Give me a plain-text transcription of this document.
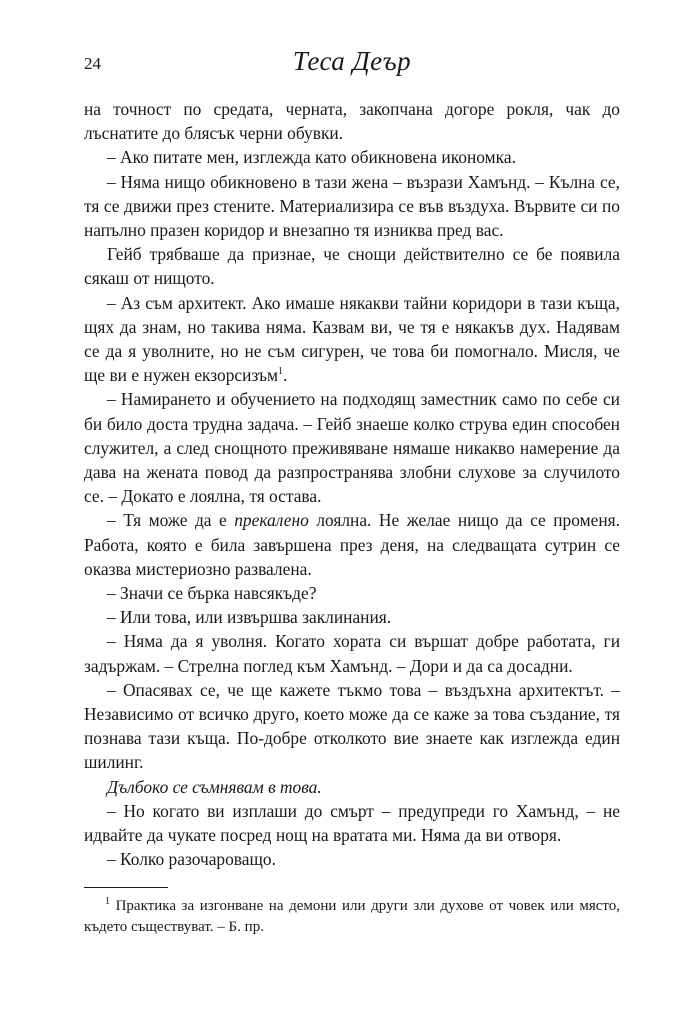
24	Теса Деър

на точност по средата, черната, закопчана догоре рокля, чак до лъснатите до блясък черни обувки.

– Ако питате мен, изглежда като обикновена икономка.

– Няма нищо обикновено в тази жена – възрази Хамънд. – Кълна се, тя се движи през стените. Материализира се във въздуха. Вървите си по напълно празен коридор и внезапно тя изниква пред вас.

Гейб трябваше да признае, че снощи действително се бе появила сякаш от нищото.

– Аз съм архитект. Ако имаше някакви тайни коридори в тази къща, щях да знам, но такива няма. Казвам ви, че тя е някакъв дух. Надявам се да я уволните, но не съм сигурен, че това би помогнало. Мисля, че ще ви е нужен екзорсизъм$^1$.

– Намирането и обучението на подходящ заместник само по себе си би било доста трудна задача. – Гейб знаеше колко струва един способен служител, а след снощното преживяване нямаше никакво намерение да дава на жената повод да разпространява злобни слухове за случилото се. – Докато е лоялна, тя остава.

– Тя може да е прекалено лоялна. Не желае нищо да се променя. Работа, която е била завършена през деня, на следващата сутрин се оказва мистериозно развалена.

– Значи се бърка навсякъде?

– Или това, или извършва заклинания.

– Няма да я уволня. Когато хората си вършат добре работата, ги задържам. – Стрелна поглед към Хамънд. – Дори и да са досадни.

– Опасявах се, че ще кажете тъкмо това – въздъхна архитектът. – Независимо от всичко друго, което може да се каже за това създание, тя познава тази къща. По-добре отколкото вие знаете как изглежда един шилинг.

Дълбоко се съмнявам в това.

– Но когато ви изплаши до смърт – предупреди го Хамънд, – не идвайте да чукате посред нощ на вратата ми. Няма да ви отворя.

– Колко разочароващо.

$^1$ Практика за изгонване на демони или други зли духове от човек или място, където съществуват. – Б. пр.
